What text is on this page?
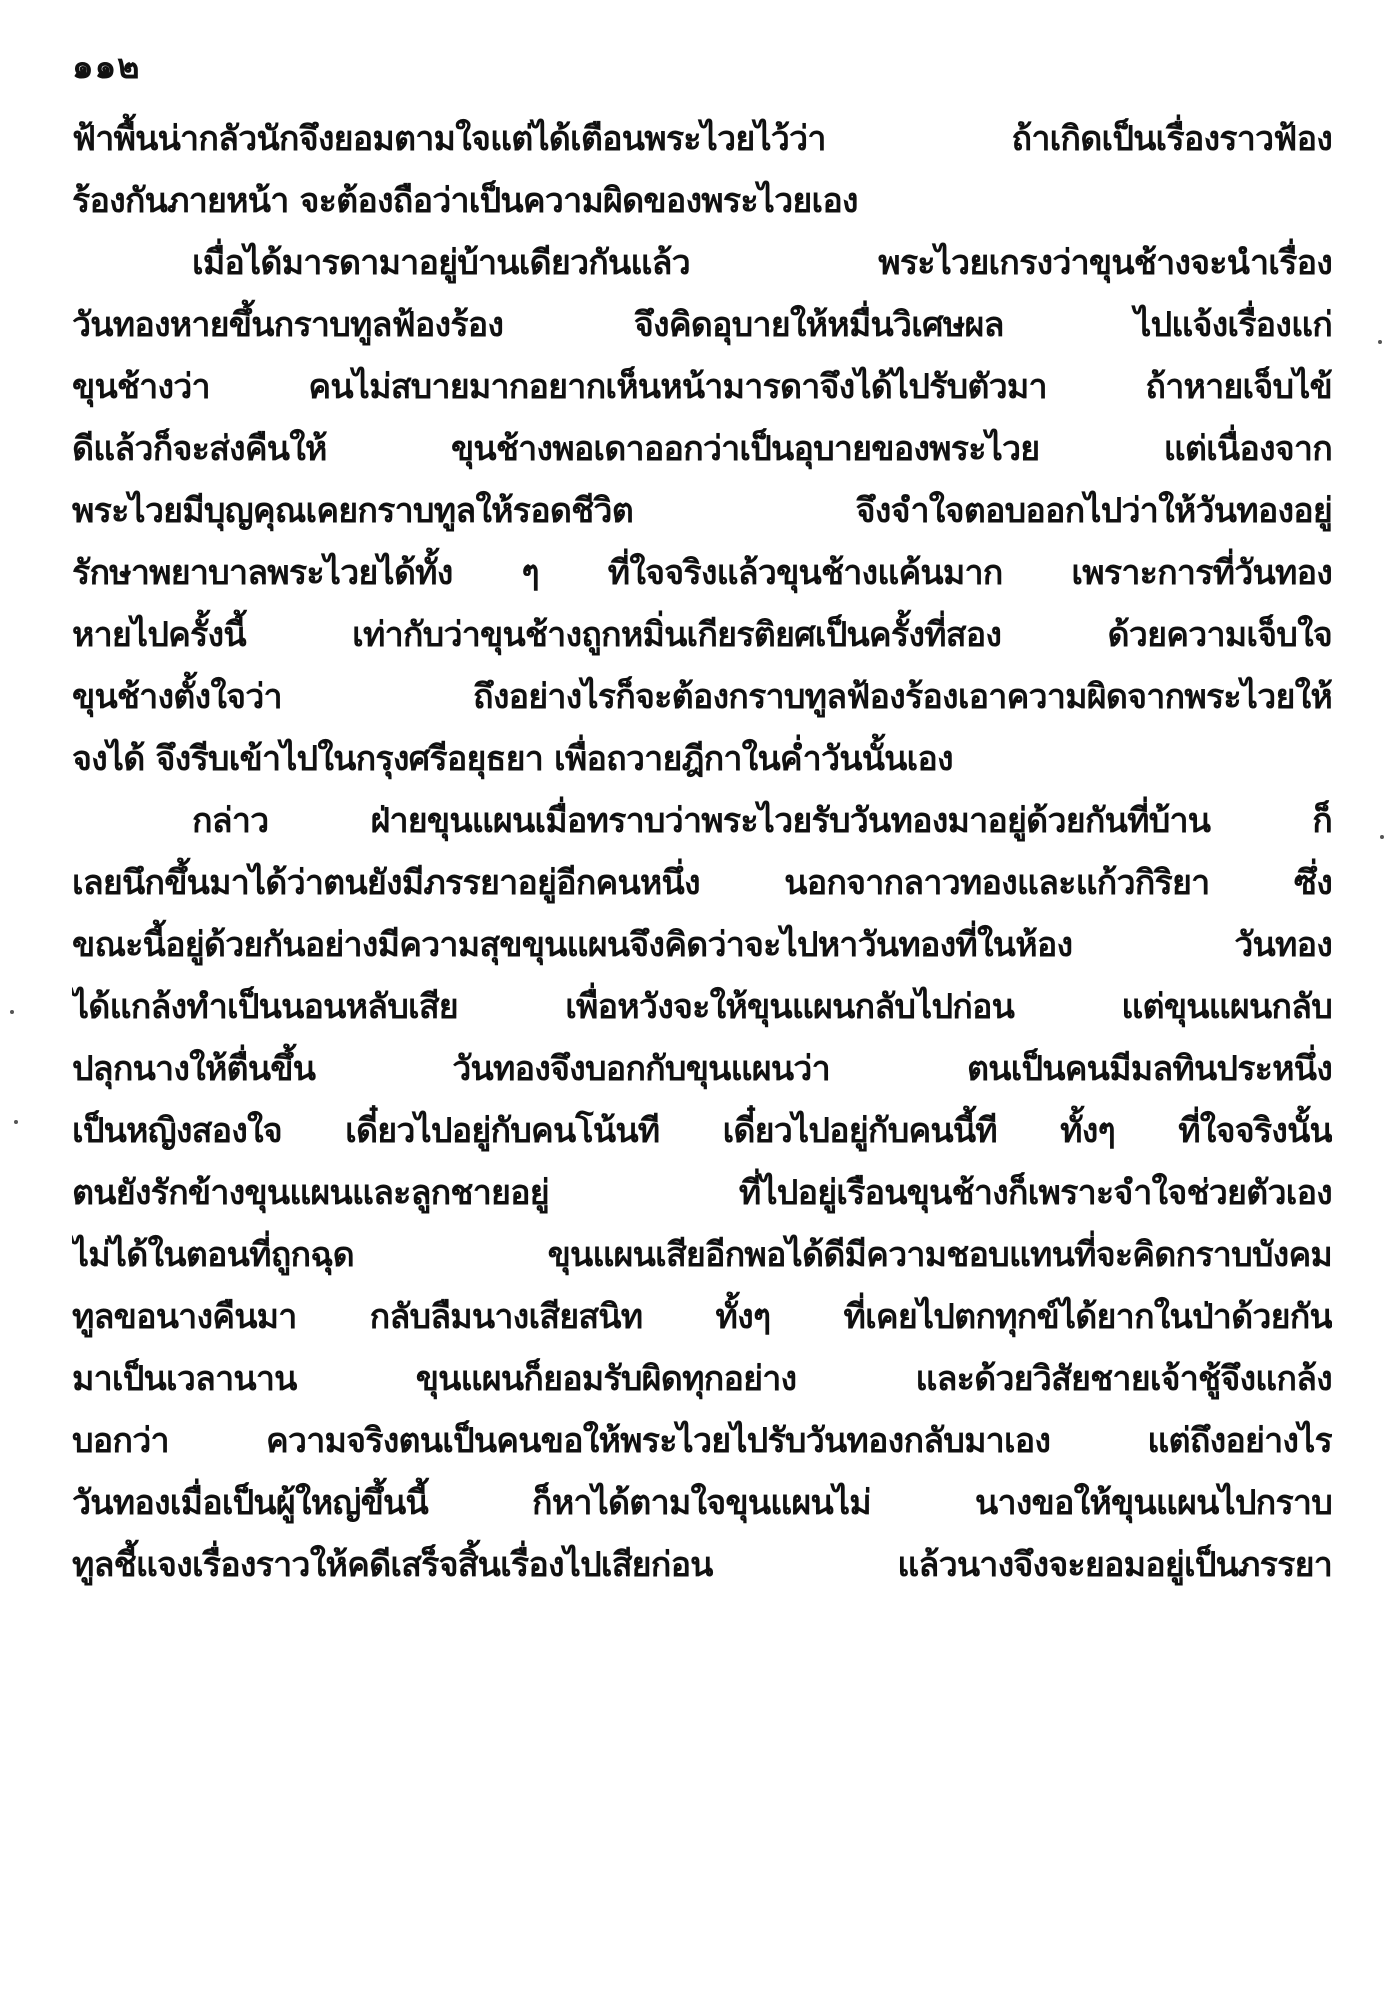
๑๑๒
ฟ้าพื้นน่ากลัวนักจึงยอมตามใจแต่ได้เตือนพระไวยไว้ว่า ถ้าเกิดเป็นเรื่องราวฟ้อง
ร้องกันภายหน้า จะต้องถือว่าเป็นความผิดของพระไวยเอง
เมื่อได้มารดามาอยู่บ้านเดียวกันแล้ว พระไวยเกรงว่าขุนช้างจะนำเรื่อง
วันทองหายขึ้นกราบทูลฟ้องร้อง จึงคิดอุบายให้หมื่นวิเศษผล ไปแจ้งเรื่องแก่
ขุนช้างว่า คนไม่สบายมากอยากเห็นหน้ามารดาจึงได้ไปรับตัวมา ถ้าหายเจ็บไข้
ดีแล้วก็จะส่งคืนให้ ขุนช้างพอเดาออกว่าเป็นอุบายของพระไวย แต่เนื่องจาก
พระไวยมีบุญคุณเคยกราบทูลให้รอดชีวิต จึงจำใจตอบออกไปว่าให้วันทองอยู่
รักษาพยาบาลพระไวยได้ทั้ง ๆ ที่ใจจริงแล้วขุนช้างแค้นมาก เพราะการที่วันทอง
หายไปครั้งนี้ เท่ากับว่าขุนช้างถูกหมิ่นเกียรติยศเป็นครั้งที่สอง ด้วยความเจ็บใจ
ขุนช้างตั้งใจว่า ถึงอย่างไรก็จะต้องกราบทูลฟ้องร้องเอาความผิดจากพระไวยให้
จงได้ จึงรีบเข้าไปในกรุงศรีอยุธยา เพื่อถวายฎีกาในค่ำวันนั้นเอง
กล่าว ฝ่ายขุนแผนเมื่อทราบว่าพระไวยรับวันทองมาอยู่ด้วยกันที่บ้าน ก็
เลยนึกขึ้นมาได้ว่าตนยังมีภรรยาอยู่อีกคนหนึ่ง นอกจากลาวทองและแก้วกิริยา ซึ่ง
ขณะนี้อยู่ด้วยกันอย่างมีความสุขขุนแผนจึงคิดว่าจะไปหาวันทองที่ในห้อง วันทอง
ได้แกล้งทำเป็นนอนหลับเสีย เพื่อหวังจะให้ขุนแผนกลับไปก่อน แต่ขุนแผนกลับ
ปลุกนางให้ตื่นขึ้น วันทองจึงบอกกับขุนแผนว่า ตนเป็นคนมีมลทินประหนึ่ง
เป็นหญิงสองใจ เดี๋ยวไปอยู่กับคนโน้นที เดี๋ยวไปอยู่กับคนนี้ที ทั้งๆ ที่ใจจริงนั้น
ตนยังรักข้างขุนแผนและลูกชายอยู่ ที่ไปอยู่เรือนขุนช้างก็เพราะจำใจช่วยตัวเอง
ไม่ได้ในตอนที่ถูกฉุด ขุนแผนเสียอีกพอได้ดีมีความชอบแทนที่จะคิดกราบบังคม
ทูลขอนางคืนมา กลับลืมนางเสียสนิท ทั้งๆ ที่เคยไปตกทุกข์ได้ยากในป่าด้วยกัน
มาเป็นเวลานาน ขุนแผนก็ยอมรับผิดทุกอย่าง และด้วยวิสัยชายเจ้าชู้จึงแกล้ง
บอกว่า ความจริงตนเป็นคนขอให้พระไวยไปรับวันทองกลับมาเอง แต่ถึงอย่างไร
วันทองเมื่อเป็นผู้ใหญ่ขึ้นนี้ ก็หาได้ตามใจขุนแผนไม่ นางขอให้ขุนแผนไปกราบ
ทูลชี้แจงเรื่องราวให้คดีเสร็จสิ้นเรื่องไปเสียก่อน แล้วนางจึงจะยอมอยู่เป็นภรรยา
